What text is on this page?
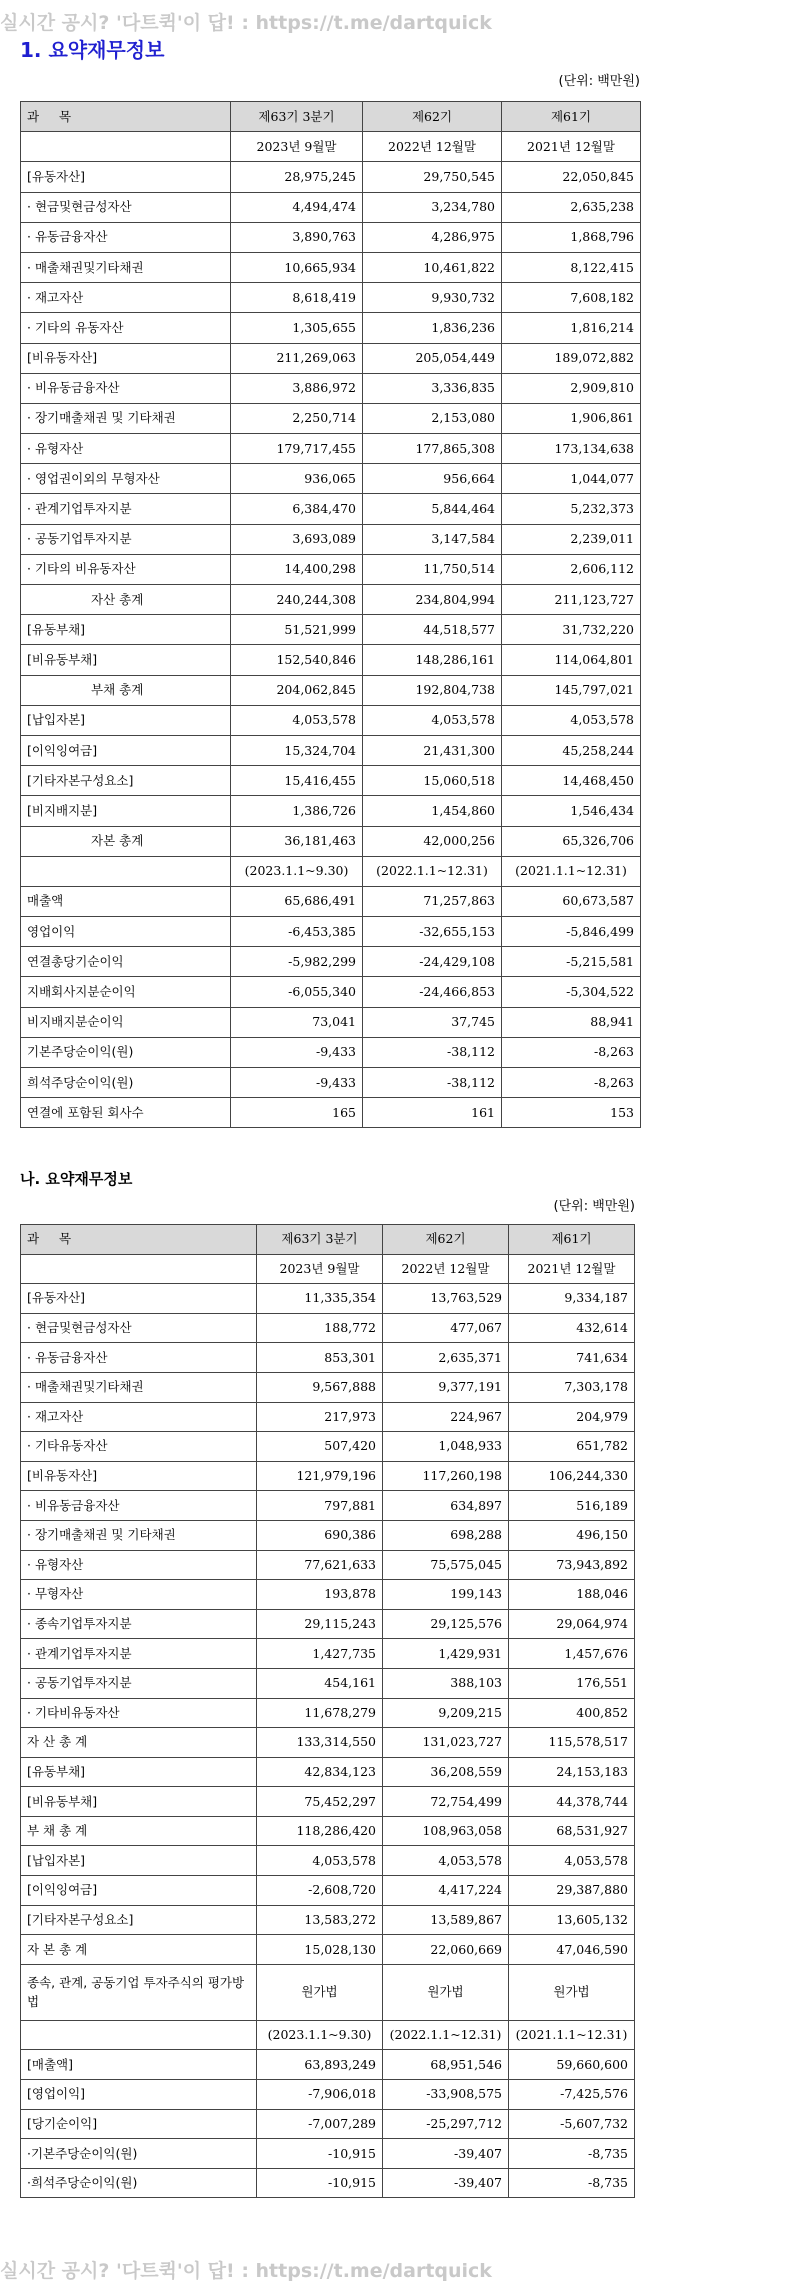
실시간 공시? '다트퀵'이 답! : https://t.me/dartquick
1. 요약재무정보
(단위: 백만원)
과 목	제63기 3분기	제62기	제61기
	2023년 9월말	2022년 12월말	2021년 12월말
[유동자산]	28,975,245	29,750,545	22,050,845
· 현금및현금성자산	4,494,474	3,234,780	2,635,238
· 유동금융자산	3,890,763	4,286,975	1,868,796
· 매출채권및기타채권	10,665,934	10,461,822	8,122,415
· 재고자산	8,618,419	9,930,732	7,608,182
· 기타의 유동자산	1,305,655	1,836,236	1,816,214
[비유동자산]	211,269,063	205,054,449	189,072,882
· 비유동금융자산	3,886,972	3,336,835	2,909,810
· 장기매출채권 및 기타채권	2,250,714	2,153,080	1,906,861
· 유형자산	179,717,455	177,865,308	173,134,638
· 영업권이외의 무형자산	936,065	956,664	1,044,077
· 관계기업투자지분	6,384,470	5,844,464	5,232,373
· 공동기업투자지분	3,693,089	3,147,584	2,239,011
· 기타의 비유동자산	14,400,298	11,750,514	2,606,112
자산 총계	240,244,308	234,804,994	211,123,727
[유동부채]	51,521,999	44,518,577	31,732,220
[비유동부채]	152,540,846	148,286,161	114,064,801
부채 총계	204,062,845	192,804,738	145,797,021
[납입자본]	4,053,578	4,053,578	4,053,578
[이익잉여금]	15,324,704	21,431,300	45,258,244
[기타자본구성요소]	15,416,455	15,060,518	14,468,450
[비지배지분]	1,386,726	1,454,860	1,546,434
자본 총계	36,181,463	42,000,256	65,326,706
	(2023.1.1~9.30)	(2022.1.1~12.31)	(2021.1.1~12.31)
매출액	65,686,491	71,257,863	60,673,587
영업이익	-6,453,385	-32,655,153	-5,846,499
연결총당기순이익	-5,982,299	-24,429,108	-5,215,581
지배회사지분순이익	-6,055,340	-24,466,853	-5,304,522
비지배지분순이익	73,041	37,745	88,941
기본주당순이익(원)	-9,433	-38,112	-8,263
희석주당순이익(원)	-9,433	-38,112	-8,263
연결에 포함된 회사수	165	161	153
나. 요약재무정보
(단위: 백만원)
과 목	제63기 3분기	제62기	제61기
	2023년 9월말	2022년 12월말	2021년 12월말
[유동자산]	11,335,354	13,763,529	9,334,187
· 현금및현금성자산	188,772	477,067	432,614
· 유동금융자산	853,301	2,635,371	741,634
· 매출채권및기타채권	9,567,888	9,377,191	7,303,178
· 재고자산	217,973	224,967	204,979
· 기타유동자산	507,420	1,048,933	651,782
[비유동자산]	121,979,196	117,260,198	106,244,330
· 비유동금융자산	797,881	634,897	516,189
· 장기매출채권 및 기타채권	690,386	698,288	496,150
· 유형자산	77,621,633	75,575,045	73,943,892
· 무형자산	193,878	199,143	188,046
· 종속기업투자지분	29,115,243	29,125,576	29,064,974
· 관계기업투자지분	1,427,735	1,429,931	1,457,676
· 공동기업투자지분	454,161	388,103	176,551
· 기타비유동자산	11,678,279	9,209,215	400,852
자 산 총 계	133,314,550	131,023,727	115,578,517
[유동부채]	42,834,123	36,208,559	24,153,183
[비유동부채]	75,452,297	72,754,499	44,378,744
부 채 총 계	118,286,420	108,963,058	68,531,927
[납입자본]	4,053,578	4,053,578	4,053,578
[이익잉여금]	-2,608,720	4,417,224	29,387,880
[기타자본구성요소]	13,583,272	13,589,867	13,605,132
자 본 총 계	15,028,130	22,060,669	47,046,590
종속, 관계, 공동기업 투자주식의 평가방법	원가법	원가법	원가법
	(2023.1.1~9.30)	(2022.1.1~12.31)	(2021.1.1~12.31)
[매출액]	63,893,249	68,951,546	59,660,600
[영업이익]	-7,906,018	-33,908,575	-7,425,576
[당기순이익]	-7,007,289	-25,297,712	-5,607,732
·기본주당순이익(원)	-10,915	-39,407	-8,735
·희석주당순이익(원)	-10,915	-39,407	-8,735
실시간 공시? '다트퀵'이 답! : https://t.me/dartquick
